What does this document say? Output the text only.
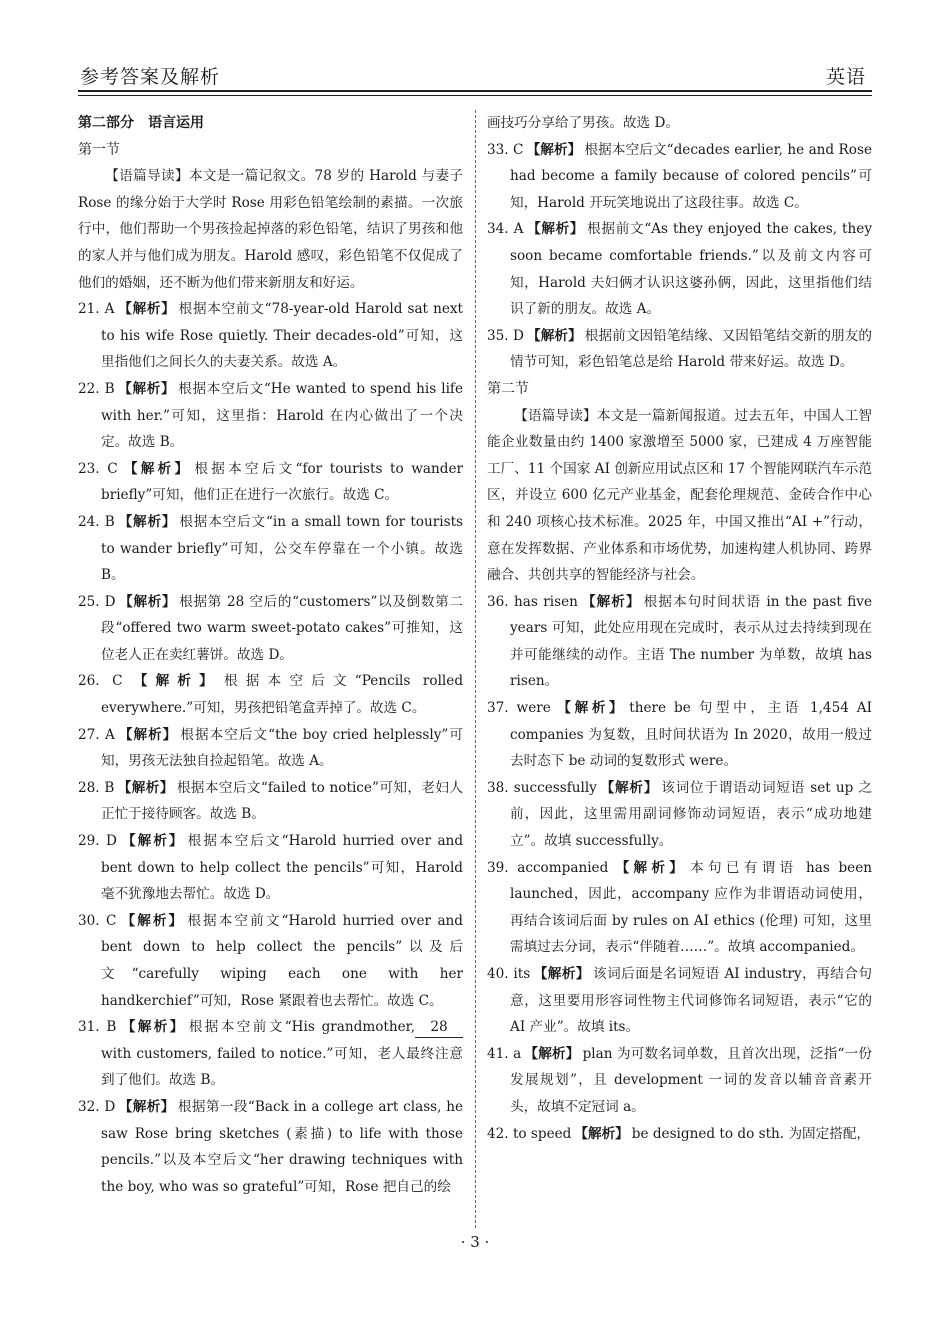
参考答案及解析	英语

第二部分　语言运用

第一节

【语篇导读】本文是一篇记叙文。78 岁的 Harold 与妻子 Rose 的缘分始于大学时 Rose 用彩色铅笔绘制的素描。一次旅行中，他们帮助一个男孩捡起掉落的彩色铅笔，结识了男孩和他的家人并与他们成为朋友。Harold 感叹，彩色铅笔不仅促成了他们的婚姻，还不断为他们带来新朋友和好运。

21. A 【解析】 根据本空前文“78-year-old Harold sat next to his wife Rose quietly. Their decades-old”可知，这里指他们之间长久的夫妻关系。故选 A。

22. B 【解析】 根据本空后文“He wanted to spend his life with her.”可知，这里指：Harold 在内心做出了一个决定。故选 B。

23. C 【解析】 根据本空后文“for tourists to wander briefly”可知，他们正在进行一次旅行。故选 C。

24. B 【解析】 根据本空后文“in a small town for tourists to wander briefly”可知，公交车停靠在一个小镇。故选 B。

25. D 【解析】 根据第 28 空后的“customers”以及倒数第二段“offered two warm sweet-potato cakes”可推知，这位老人正在卖红薯饼。故选 D。

26. C 【解析】 根据本空后文“Pencils rolled everywhere.”可知，男孩把铅笔盒弄掉了。故选 C。

27. A 【解析】 根据本空后文“the boy cried helplessly”可知，男孩无法独自捡起铅笔。故选 A。

28. B 【解析】 根据本空后文“failed to notice”可知，老妇人正忙于接待顾客。故选 B。

29. D 【解析】 根据本空后文“Harold hurried over and bent down to help collect the pencils”可知，Harold 毫不犹豫地去帮忙。故选 D。

30. C 【解析】 根据本空前文“Harold hurried over and bent down to help collect the pencils”以及后文“carefully wiping each one with her handkerchief”可知，Rose 紧跟着也去帮忙。故选 C。

31. B 【解析】 根据本空前文“His grandmother, 28 with customers, failed to notice.”可知，老人最终注意到了他们。故选 B。

32. D 【解析】 根据第一段“Back in a college art class, he saw Rose bring sketches (素描) to life with those pencils.”以及本空后文“her drawing techniques with the boy, who was so grateful”可知，Rose 把自己的绘

画技巧分享给了男孩。故选 D。

33. C 【解析】 根据本空后文“decades earlier, he and Rose had become a family because of colored pencils”可知，Harold 开玩笑地说出了这段往事。故选 C。

34. A 【解析】 根据前文“As they enjoyed the cakes, they soon became comfortable friends.”以及前文内容可知，Harold 夫妇俩才认识这婆孙俩，因此，这里指他们结识了新的朋友。故选 A。

35. D 【解析】 根据前文因铅笔结缘、又因铅笔结交新的朋友的情节可知，彩色铅笔总是给 Harold 带来好运。故选 D。

第二节

【语篇导读】本文是一篇新闻报道。过去五年，中国人工智能企业数量由约 1400 家激增至 5000 家，已建成 4 万座智能工厂、11 个国家 AI 创新应用试点区和 17 个智能网联汽车示范区，并设立 600 亿元产业基金，配套伦理规范、金砖合作中心和 240 项核心技术标准。2025 年，中国又推出“AI +”行动，意在发挥数据、产业体系和市场优势，加速构建人机协同、跨界融合、共创共享的智能经济与社会。

36. has risen 【解析】 根据本句时间状语 in the past five years 可知，此处应用现在完成时，表示从过去持续到现在并可能继续的动作。主语 The number 为单数，故填 has risen。

37. were 【解析】 there be 句型中，主语 1,454 AI companies 为复数，且时间状语为 In 2020，故用一般过去时态下 be 动词的复数形式 were。

38. successfully 【解析】 该词位于谓语动词短语 set up 之前，因此，这里需用副词修饰动词短语，表示“成功地建立”。故填 successfully。

39. accompanied 【解析】 本句已有谓语 has been launched，因此，accompany 应作为非谓语动词使用，再结合该词后面 by rules on AI ethics (伦理) 可知，这里需填过去分词，表示“伴随着……”。故填 accompanied。

40. its 【解析】 该词后面是名词短语 AI industry，再结合句意，这里要用形容词性物主代词修饰名词短语，表示“它的 AI 产业”。故填 its。

41. a 【解析】 plan 为可数名词单数，且首次出现，泛指“一份发展规划”，且 development 一词的发音以辅音音素开头，故填不定冠词 a。

42. to speed 【解析】 be designed to do sth. 为固定搭配，

· 3 ·
